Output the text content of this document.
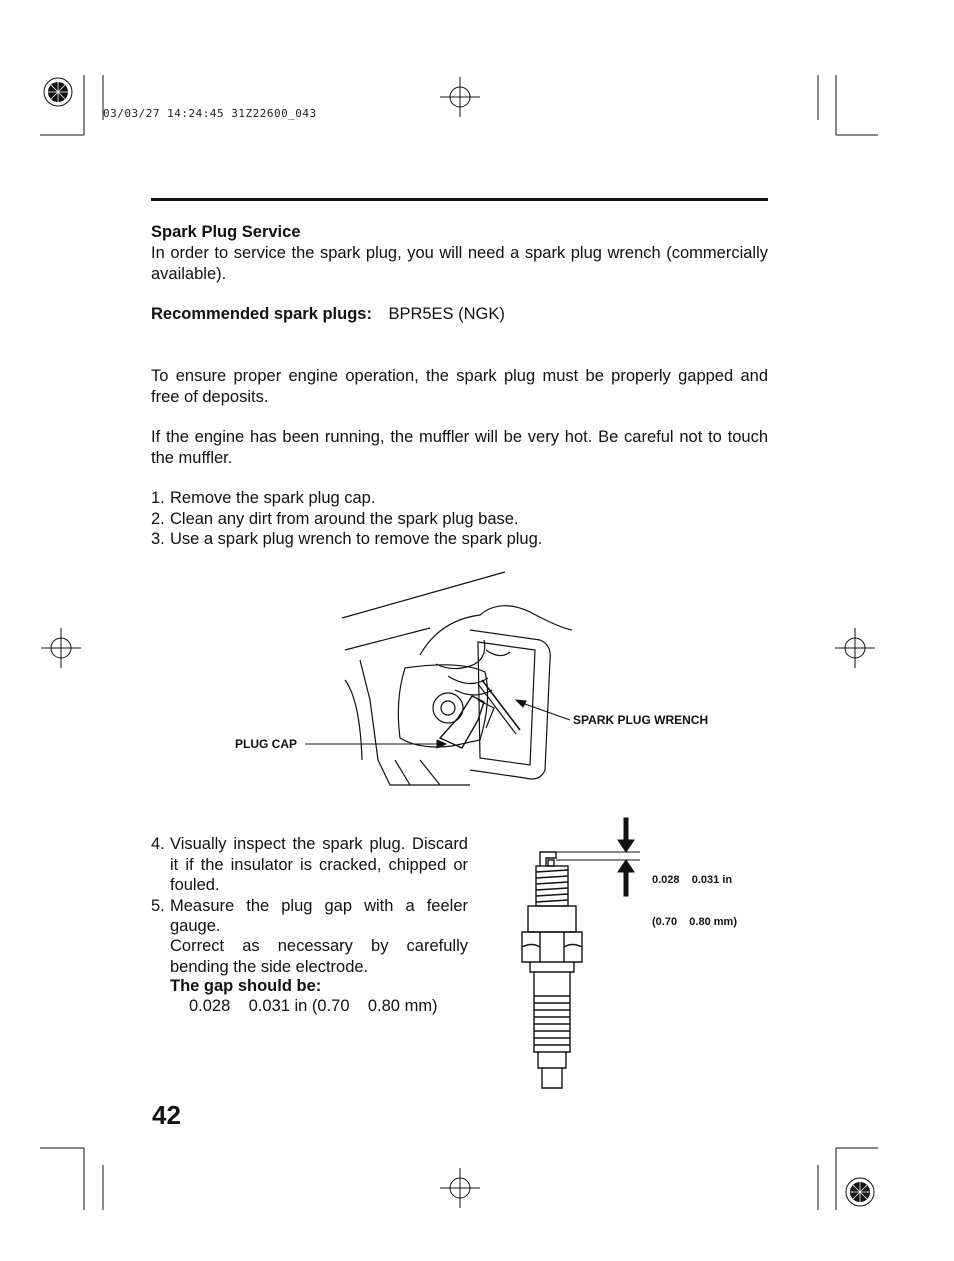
03/03/27 14:24:45 31Z22600_043
Spark Plug Service
In order to service the spark plug, you will need a spark plug wrench (commercially available).
Recommended spark plugs: BPR5ES (NGK)
To ensure proper engine operation, the spark plug must be properly gapped and free of deposits.
If the engine has been running, the muffler will be very hot. Be careful not to touch the muffler.
1. Remove the spark plug cap.
2. Clean any dirt from around the spark plug base.
3. Use a spark plug wrench to remove the spark plug.
SPARK PLUG WRENCH
PLUG CAP
4. Visually inspect the spark plug. Discard it if the insulator is cracked, chipped or fouled.
5. Measure the plug gap with a feeler gauge.
Correct as necessary by carefully bending the side electrode.
The gap should be:
0.028    0.031 in (0.70    0.80 mm)

0.028    0.031 in

(0.70    0.80 mm)

42
